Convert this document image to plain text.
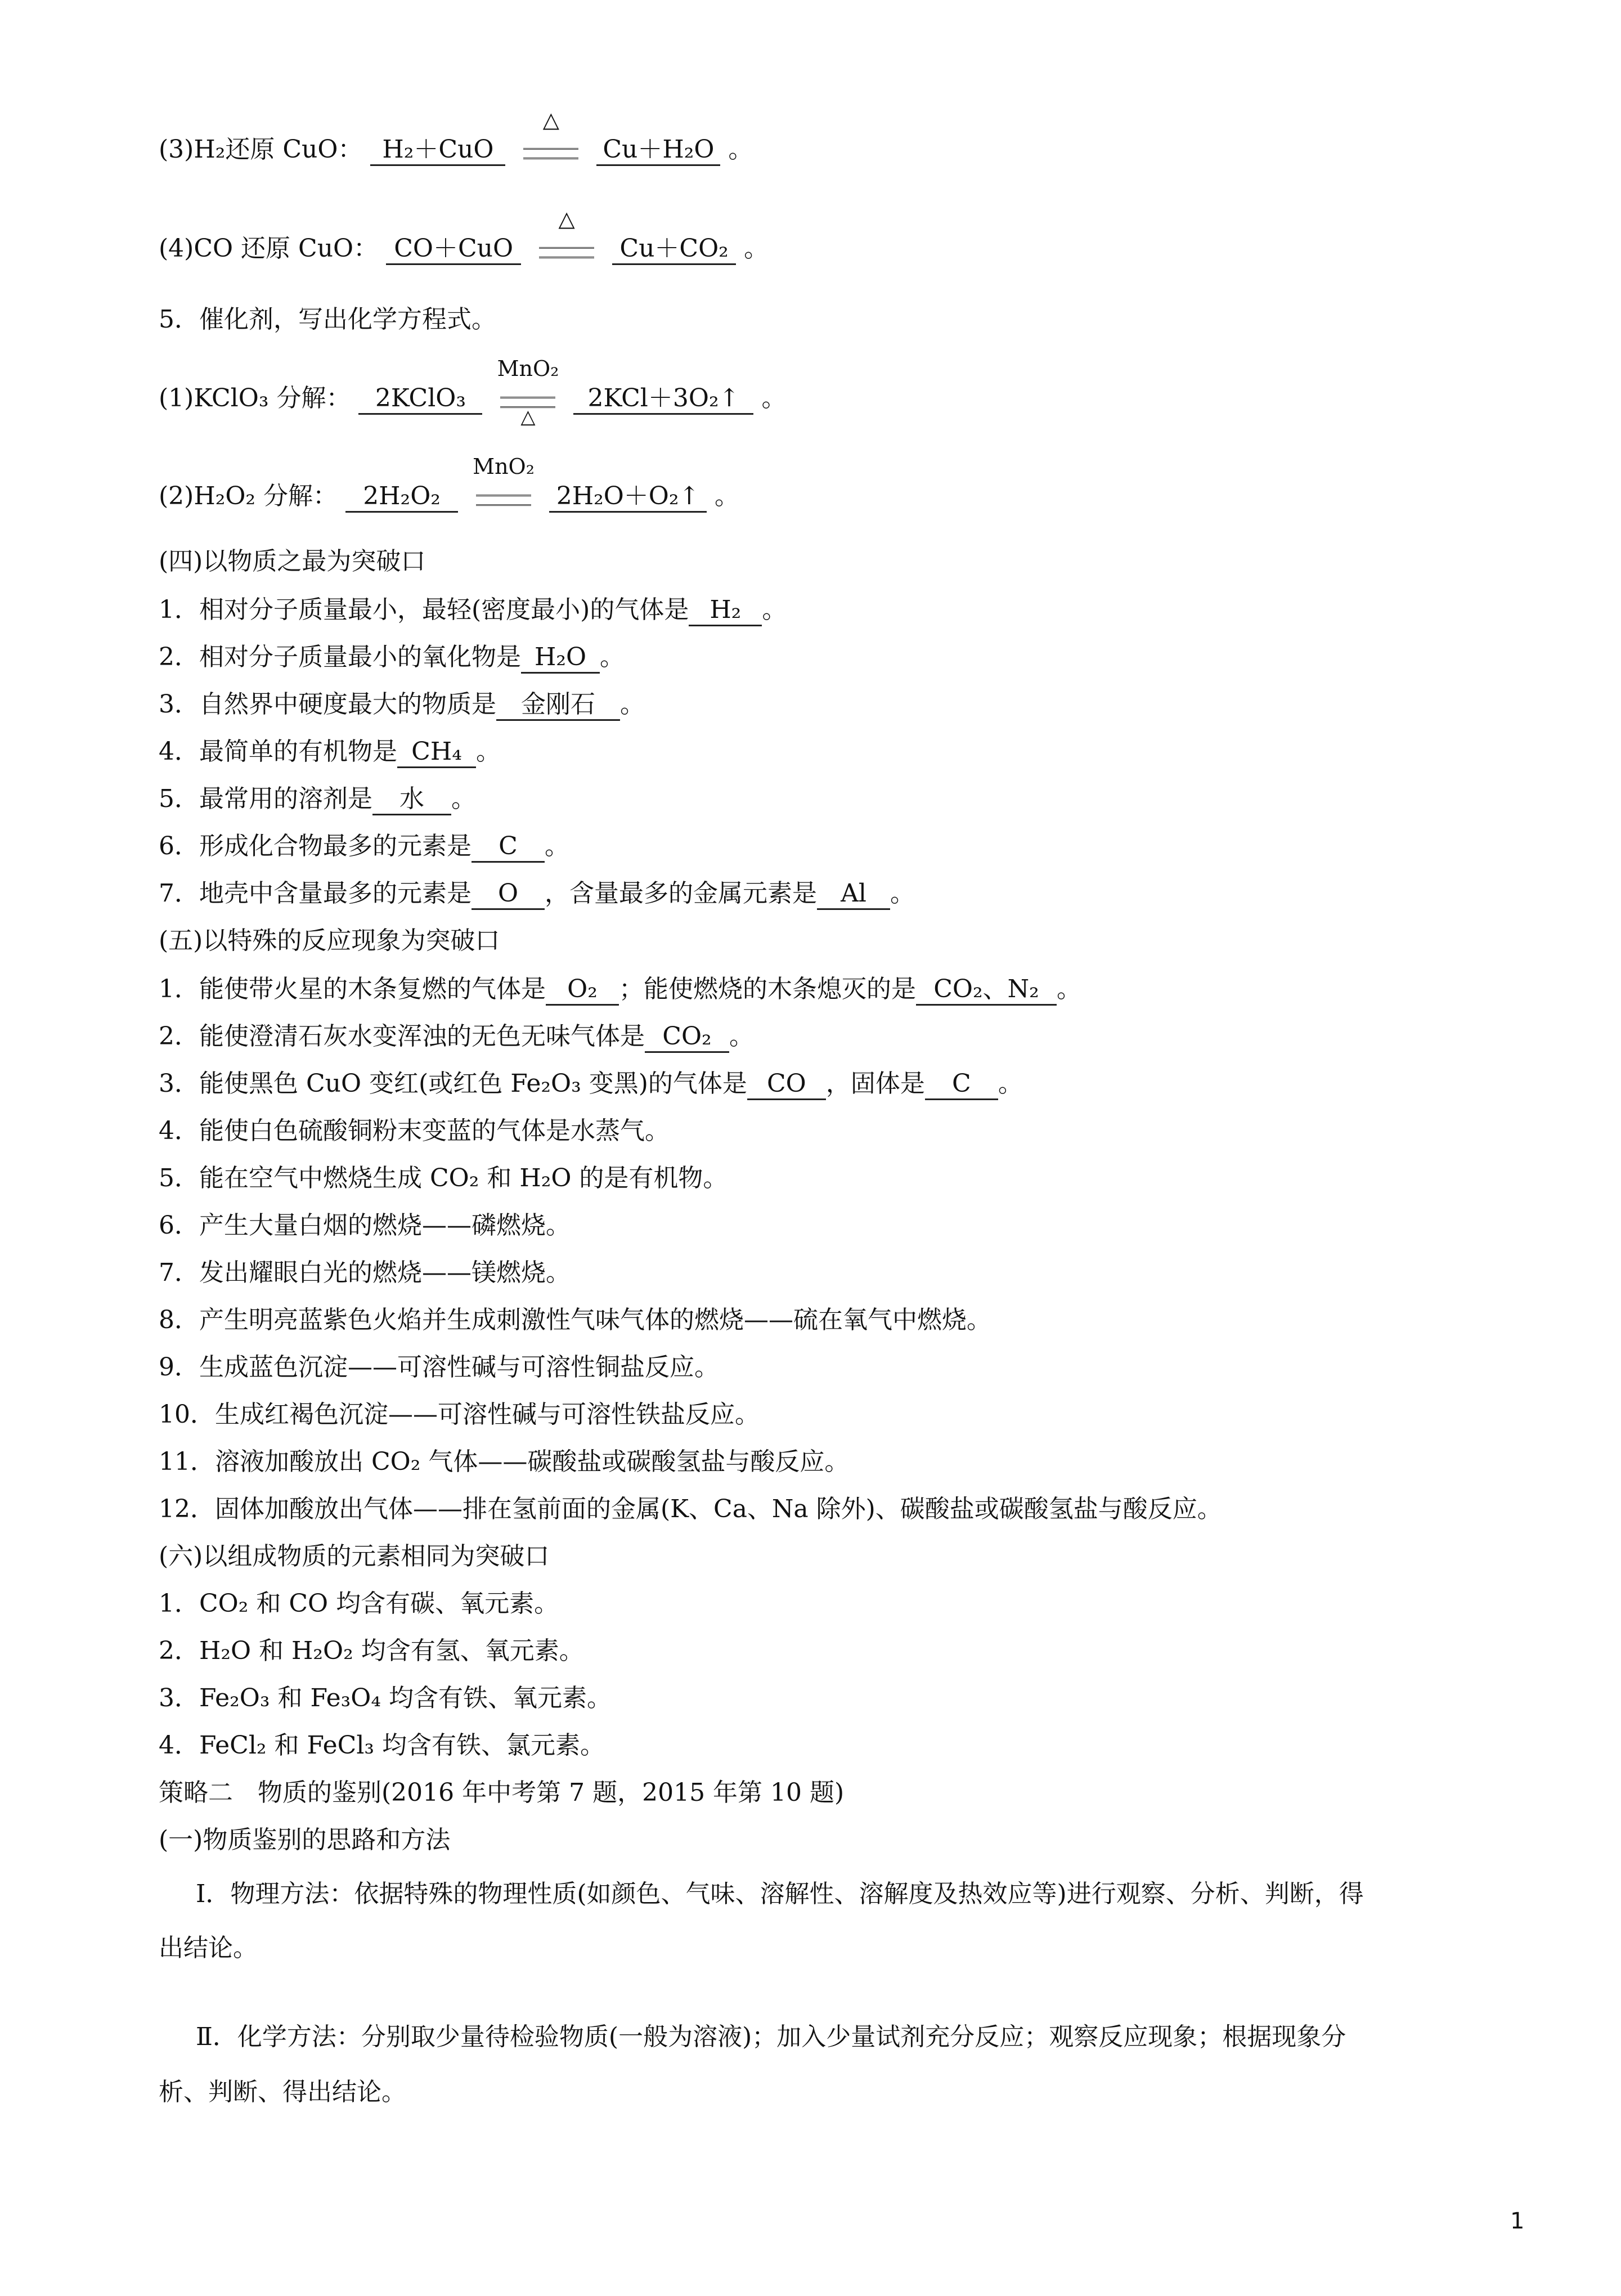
(3)H₂还原 CuO： H₂＋CuO
△
Cu＋H₂O 。
(4)CO 还原 CuO： CO＋CuO
△
Cu＋CO₂ 。
5．催化剂，写出化学方程式。
(1)KClO₃ 分解： 2KClO₃
MnO₂
△
2KCl＋3O₂↑ 。
(2)H₂O₂ 分解： 2H₂O₂
MnO₂
2H₂O＋O₂↑ 。
(四)以物质之最为突破口
1．相对分子质量最小，最轻(密度最小)的气体是 H₂ 。
2．相对分子质量最小的氧化物是 H₂O 。
3．自然界中硬度最大的物质是 金刚石 。
4．最简单的有机物是 CH₄ 。
5．最常用的溶剂是 水 。
6．形成化合物最多的元素是 C 。
7．地壳中含量最多的元素是 O ，含量最多的金属元素是 Al 。
(五)以特殊的反应现象为突破口
1．能使带火星的木条复燃的气体是 O₂ ；能使燃烧的木条熄灭的是 CO₂、N₂ 。
2．能使澄清石灰水变浑浊的无色无味气体是 CO₂ 。
3．能使黑色 CuO 变红(或红色 Fe₂O₃ 变黑)的气体是 CO ，固体是 C 。
4．能使白色硫酸铜粉末变蓝的气体是水蒸气。
5．能在空气中燃烧生成 CO₂ 和 H₂O 的是有机物。
6．产生大量白烟的燃烧——磷燃烧。
7．发出耀眼白光的燃烧——镁燃烧。
8．产生明亮蓝紫色火焰并生成刺激性气味气体的燃烧——硫在氧气中燃烧。
9．生成蓝色沉淀——可溶性碱与可溶性铜盐反应。
10．生成红褐色沉淀——可溶性碱与可溶性铁盐反应。
11．溶液加酸放出 CO₂ 气体——碳酸盐或碳酸氢盐与酸反应。
12．固体加酸放出气体——排在氢前面的金属(K、Ca、Na 除外)、碳酸盐或碳酸氢盐与酸反应。
(六)以组成物质的元素相同为突破口
1．CO₂ 和 CO 均含有碳、氧元素。
2．H₂O 和 H₂O₂ 均含有氢、氧元素。
3．Fe₂O₃ 和 Fe₃O₄ 均含有铁、氧元素。
4．FeCl₂ 和 FeCl₃ 均含有铁、氯元素。
策略二　物质的鉴别(2016 年中考第 7 题，2015 年第 10 题)
(一)物质鉴别的思路和方法
Ⅰ．物理方法：依据特殊的物理性质(如颜色、气味、溶解性、溶解度及热效应等)进行观察、分析、判断，得
出结论。
Ⅱ．化学方法：分别取少量待检验物质(一般为溶液)；加入少量试剂充分反应；观察反应现象；根据现象分
析、判断、得出结论。
1
